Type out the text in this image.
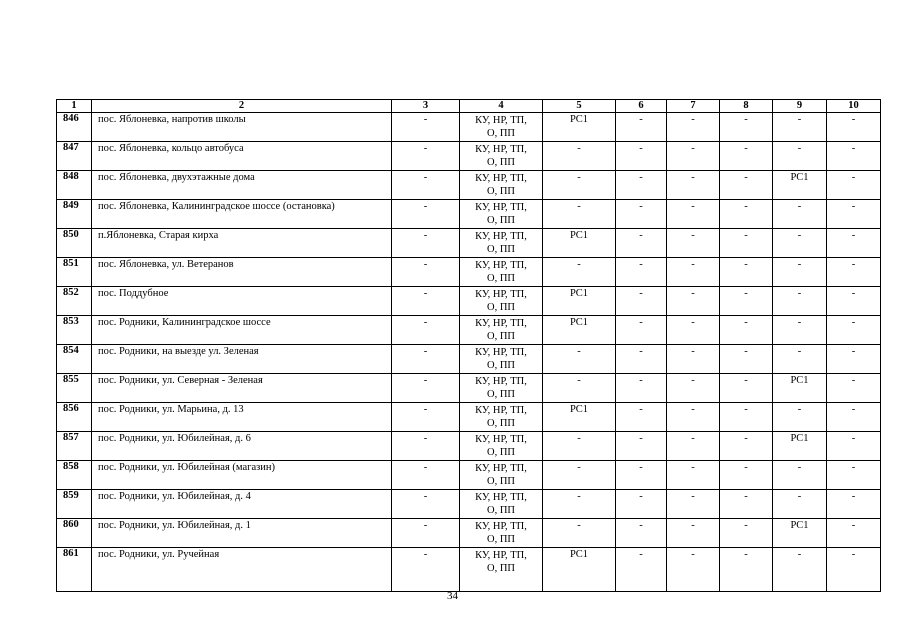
1	2	3	4	5	6	7	8	9	10
846	пос. Яблоневка, напротив школы	-	КУ, НР, ТП,
О, ПП	PC1	-	-	-	-	-
847	пос. Яблоневка, кольцо автобуса	-	КУ, НР, ТП,
О, ПП	-	-	-	-	-	-
848	пос. Яблоневка, двухэтажные дома	-	КУ, НР, ТП,
О, ПП	-	-	-	-	PC1	-
849	пос. Яблоневка, Калининградское шоссе (остановка)	-	КУ, НР, ТП,
О, ПП	-	-	-	-	-	-
850	п.Яблоневка, Старая кирха	-	КУ, НР, ТП,
О, ПП	PC1	-	-	-	-	-
851	пос. Яблоневка, ул. Ветеранов	-	КУ, НР, ТП,
О, ПП	-	-	-	-	-	-
852	пос. Поддубное	-	КУ, НР, ТП,
О, ПП	PC1	-	-	-	-	-
853	пос. Родники, Калининградское шоссе	-	КУ, НР, ТП,
О, ПП	PC1	-	-	-	-	-
854	пос. Родники, на выезде ул. Зеленая	-	КУ, НР, ТП,
О, ПП	-	-	-	-	-	-
855	пос. Родники, ул. Северная - Зеленая	-	КУ, НР, ТП,
О, ПП	-	-	-	-	PC1	-
856	пос. Родники, ул. Марьина, д. 13	-	КУ, НР, ТП,
О, ПП	PC1	-	-	-	-	-
857	пос. Родники, ул. Юбилейная, д. 6	-	КУ, НР, ТП,
О, ПП	-	-	-	-	PC1	-
858	пос. Родники, ул. Юбилейная (магазин)	-	КУ, НР, ТП,
О, ПП	-	-	-	-	-	-
859	пос. Родники, ул. Юбилейная, д. 4	-	КУ, НР, ТП,
О, ПП	-	-	-	-	-	-
860	пос. Родники, ул. Юбилейная, д. 1	-	КУ, НР, ТП,
О, ПП	-	-	-	-	PC1	-
861	пос. Родники, ул. Ручейная	-	КУ, НР, ТП,
О, ПП	PC1	-	-	-	-	-
34
